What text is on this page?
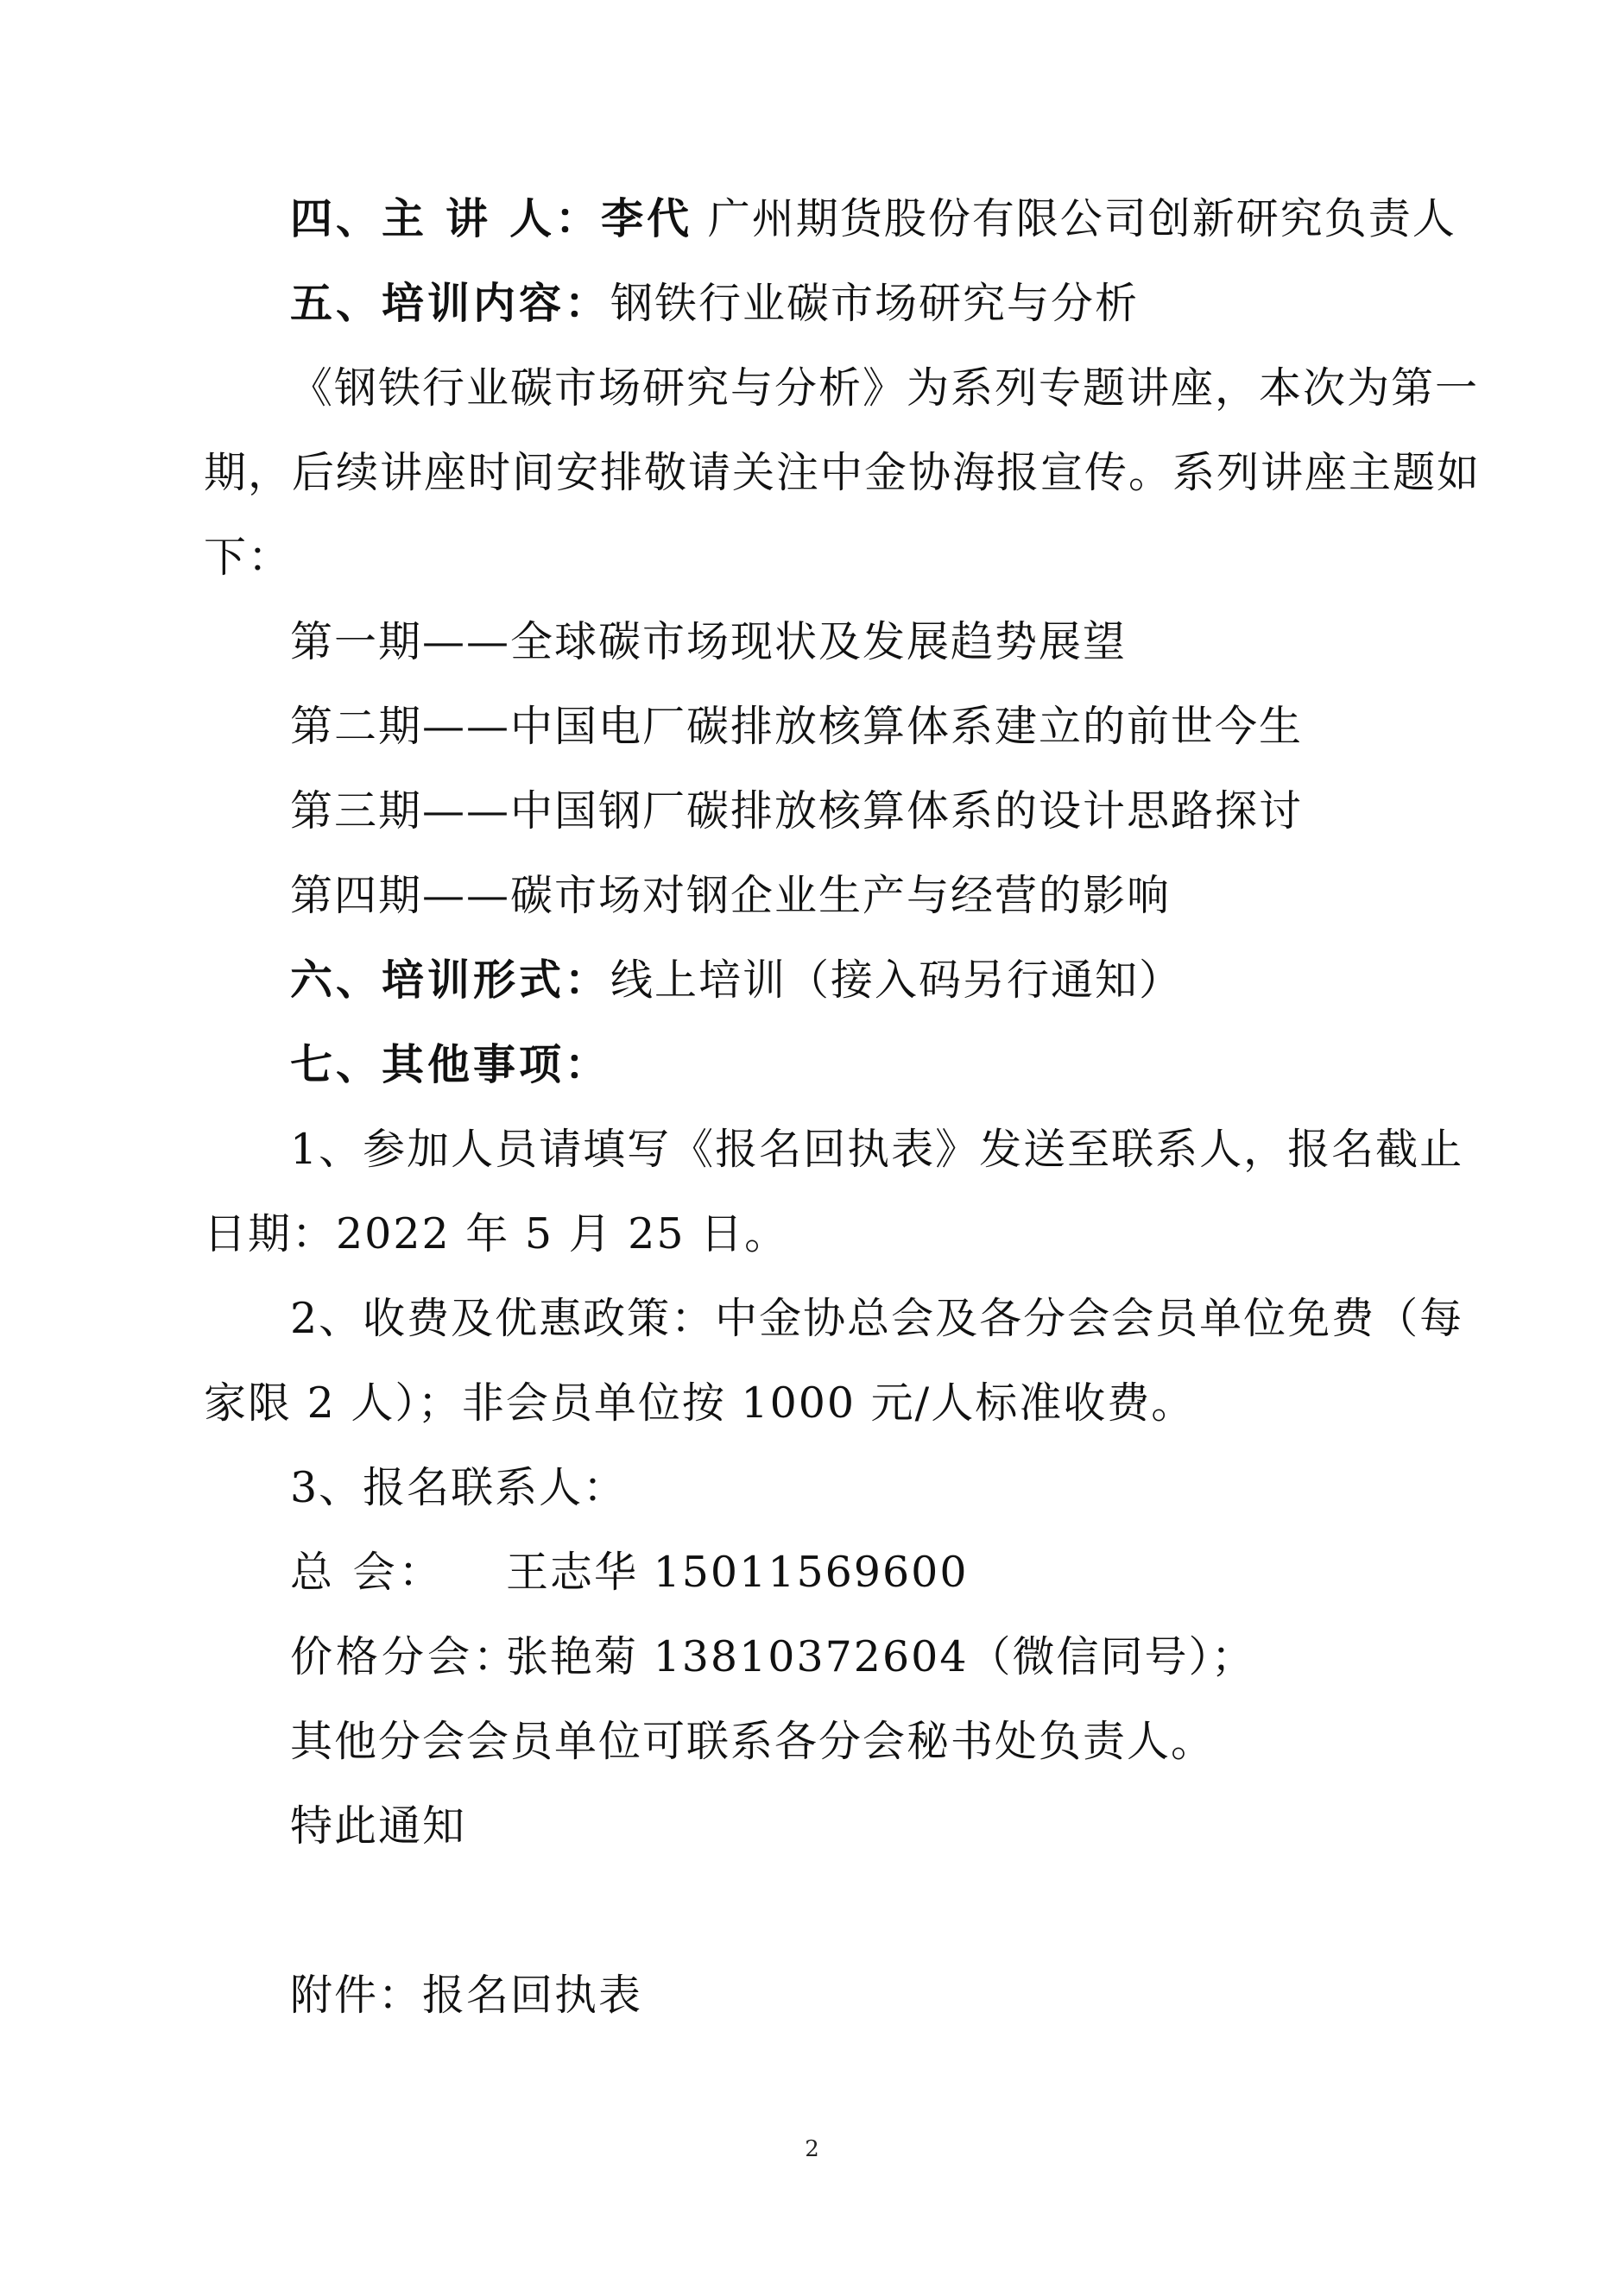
四、主 讲 人：李代 广州期货股份有限公司创新研究负责人
五、培训内容：钢铁行业碳市场研究与分析
《钢铁行业碳市场研究与分析》为系列专题讲座，本次为第一
期，后续讲座时间安排敬请关注中金协海报宣传。系列讲座主题如
下：
第一期——全球碳市场现状及发展趋势展望
第二期——中国电厂碳排放核算体系建立的前世今生
第三期——中国钢厂碳排放核算体系的设计思路探讨
第四期——碳市场对钢企业生产与经营的影响
六、培训形式：线上培训（接入码另行通知）
七、其他事项：
1、参加人员请填写《报名回执表》发送至联系人，报名截止
日期：2022 年 5 月 25 日。
2、收费及优惠政策：中金协总会及各分会会员单位免费（每
家限 2 人）；非会员单位按 1000 元/人标准收费。
3、报名联系人：
总 会： 王志华 15011569600
价格分会：张艳菊 13810372604（微信同号）；
其他分会会员单位可联系各分会秘书处负责人。
特此通知
附件：报名回执表
2
